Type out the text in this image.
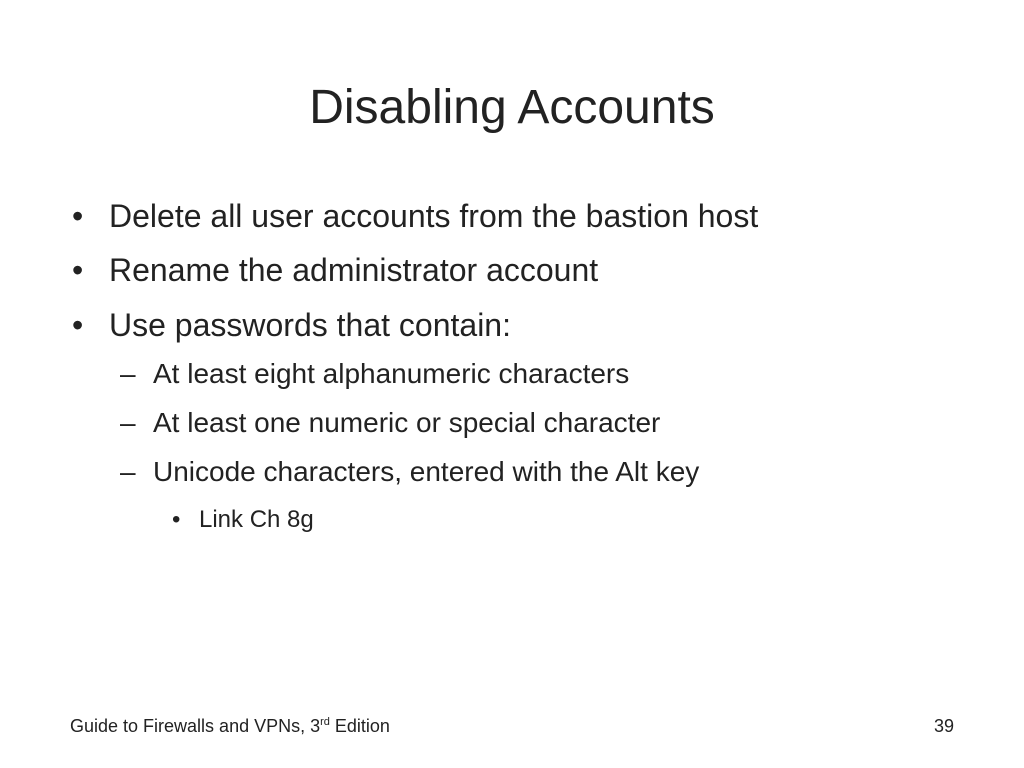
Disabling Accounts
• Delete all user accounts from the bastion host
• Rename the administrator account
• Use passwords that contain:
– At least eight alphanumeric characters
– At least one numeric or special character
– Unicode characters, entered with the Alt key
• Link Ch 8g
Guide to Firewalls and VPNs, 3rd Edition	39
